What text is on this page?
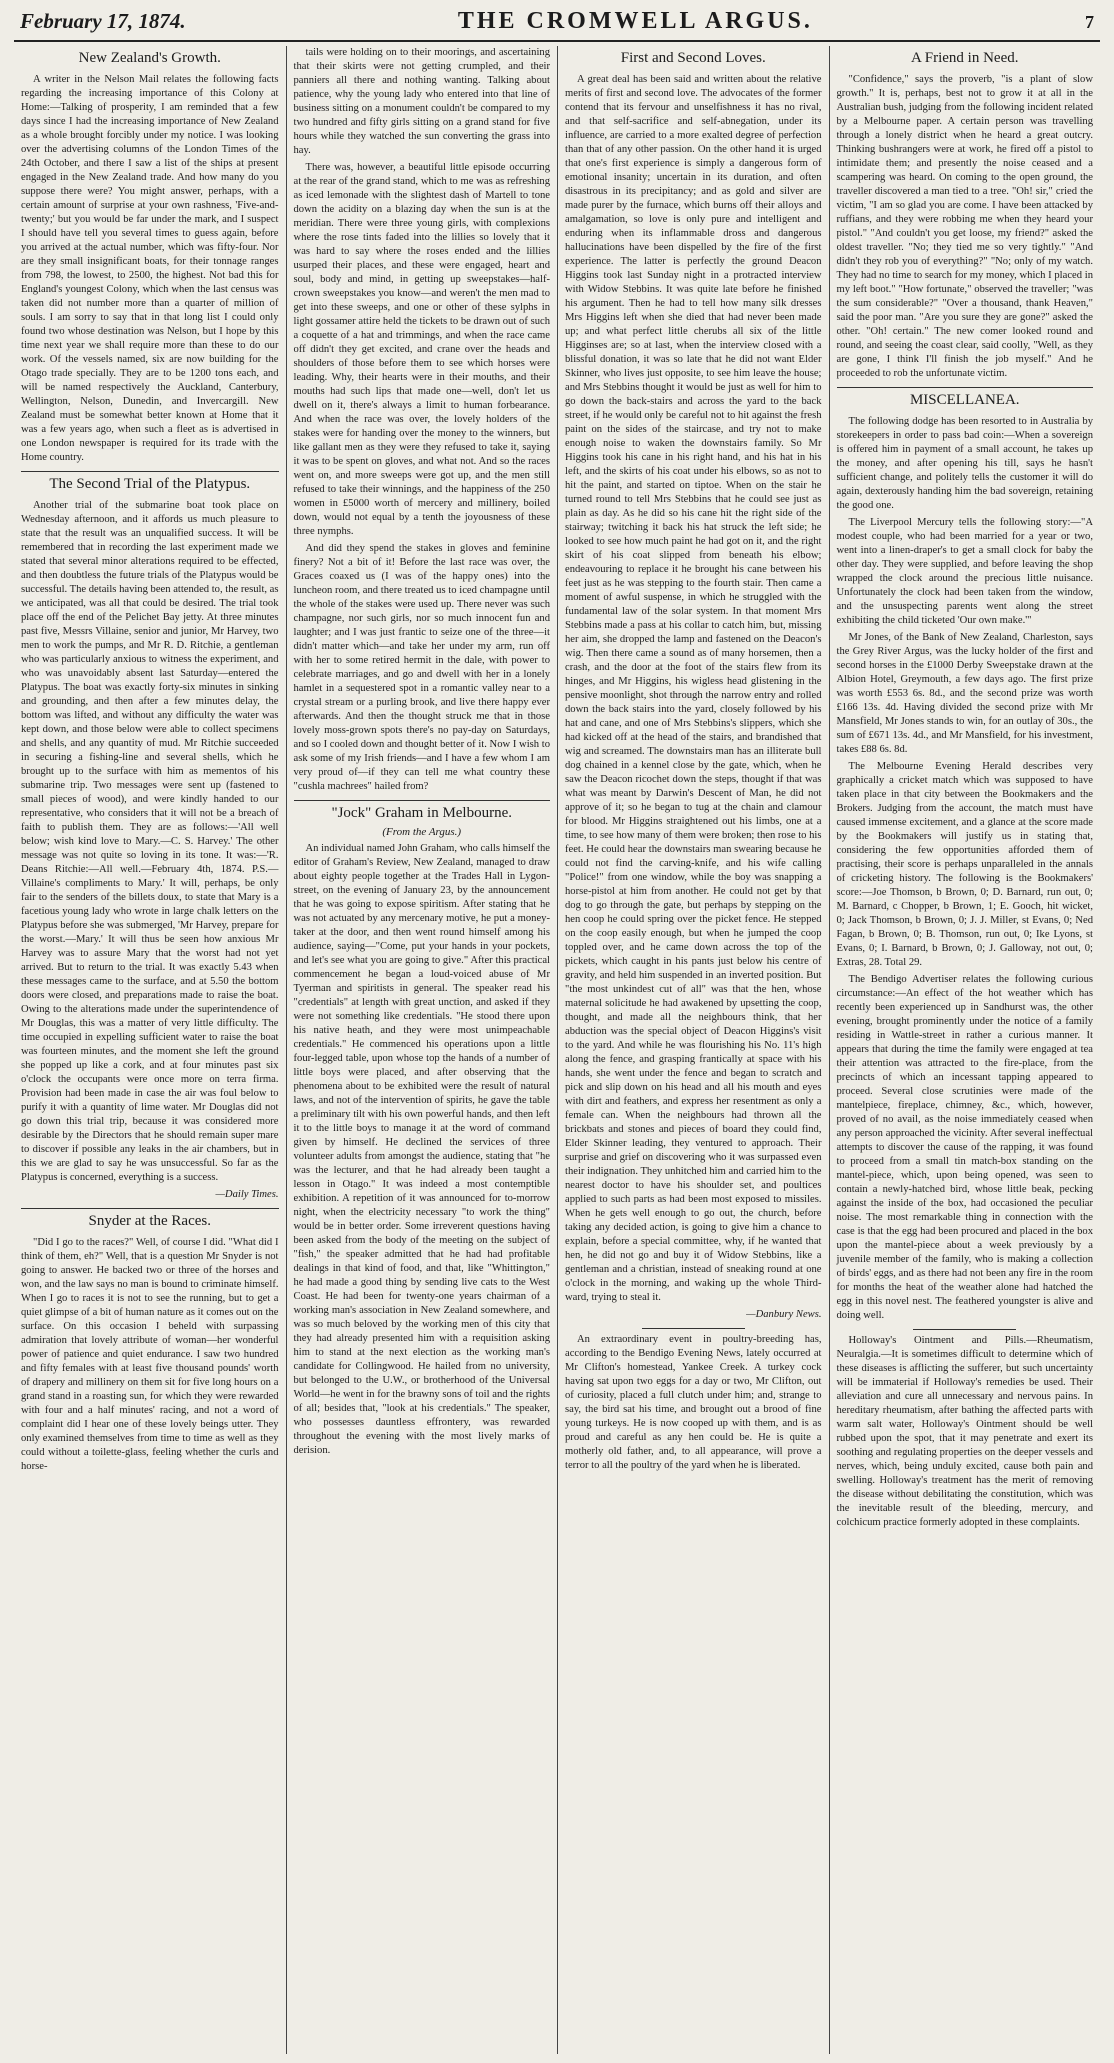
February 17, 1874.	THE CROMWELL ARGUS.	7
New Zealand's Growth.

A writer in the Nelson Mail relates the following facts regarding the increasing importance of this Colony at Home:—Talking of prosperity, I am reminded that a few days since I had the increasing importance of New Zealand as a whole brought forcibly under my notice. I was looking over the advertising columns of the London Times of the 24th October, and there I saw a list of the ships at present engaged in the New Zealand trade. And how many do you suppose there were? You might answer, perhaps, with a certain amount of surprise at your own rashness, 'Five-and-twenty;' but you would be far under the mark, and I suspect I should have tell you several times to guess again, before you arrived at the actual number, which was fifty-four. Nor are they small insignificant boats, for their tonnage ranges from 798, the lowest, to 2500, the highest. Not bad this for England's youngest Colony, which when the last census was taken did not number more than a quarter of million of souls. I am sorry to say that in that long list I could only found two whose destination was Nelson, but I hope by this time next year we shall require more than these to do our work. Of the vessels named, six are now building for the Otago trade specially. They are to be 1200 tons each, and will be named respectively the Auckland, Canterbury, Wellington, Nelson, Dunedin, and Invercargill. New Zealand must be somewhat better known at Home that it was a few years ago, when such a fleet as is advertised in one London newspaper is required for its trade with the Home country.

The Second Trial of the Platypus.

Another trial of the submarine boat took place on Wednesday afternoon, and it affords us much pleasure to state that the result was an unqualified success. It will be remembered that in recording the last experiment made we stated that several minor alterations required to be effected, and then doubtless the future trials of the Platypus would be successful. The details having been attended to, the result, as we anticipated, was all that could be desired. The trial took place off the end of the Pelichet Bay jetty. At three minutes past five, Messrs Villaine, senior and junior, Mr Harvey, two men to work the pumps, and Mr R. D. Ritchie, a gentleman who was particularly anxious to witness the experiment, and who was unavoidably absent last Saturday—entered the Platypus. The boat was exactly forty-six minutes in sinking and grounding, and then after a few minutes delay, the bottom was lifted, and without any difficulty the water was kept down, and those below were able to collect specimens and shells, and any quantity of mud. Mr Ritchie succeeded in securing a fishing-line and several shells, which he brought up to the surface with him as mementos of his submarine trip. Two messages were sent up (fastened to small pieces of wood), and were kindly handed to our representative, who considers that it will not be a breach of faith to publish them. They are as follows:—'All well below; wish kind love to Mary.—C. S. Harvey.' The other message was not quite so loving in its tone. It was:—'R. Deans Ritchie:—All well.—February 4th, 1874. P.S.—Villaine's compliments to Mary.' It will, perhaps, be only fair to the senders of the billets doux, to state that Mary is a facetious young lady who wrote in large chalk letters on the Platypus before she was submerged, 'Mr Harvey, prepare for the worst.—Mary.' It will thus be seen how anxious Mr Harvey was to assure Mary that the worst had not yet arrived. But to return to the trial. It was exactly 5.43 when these messages came to the surface, and at 5.50 the bottom doors were closed, and preparations made to raise the boat. Owing to the alterations made under the superintendence of Mr Douglas, this was a matter of very little difficulty. The time occupied in expelling sufficient water to raise the boat was fourteen minutes, and the moment she left the ground she popped up like a cork, and at four minutes past six o'clock the occupants were once more on terra firma. Provision had been made in case the air was foul below to purify it with a quantity of lime water. Mr Douglas did not go down this trial trip, because it was considered more desirable by the Directors that he should remain super mare to discover if possible any leaks in the air chambers, but in this we are glad to say he was unsuccessful. So far as the Platypus is concerned, everything is a success.

—Daily Times.

Snyder at the Races.

"Did I go to the races?" Well, of course I did. "What did I think of them, eh?" Well, that is a question Mr Snyder is not going to answer. He backed two or three of the horses and won, and the law says no man is bound to criminate himself. When I go to races it is not to see the running, but to get a quiet glimpse of a bit of human nature as it comes out on the surface. On this occasion I beheld with surpassing admiration that lovely attribute of woman—her wonderful power of patience and quiet endurance. I saw two hundred and fifty females with at least five thousand pounds' worth of drapery and millinery on them sit for five long hours on a grand stand in a roasting sun, for which they were rewarded with four and a half minutes' racing, and not a word of complaint did I hear one of these lovely beings utter. They only examined themselves from time to time as well as they could without a toilette-glass, feeling whether the curls and horse-

tails were holding on to their moorings, and ascertaining that their skirts were not getting crumpled, and their panniers all there and nothing wanting. Talking about patience, why the young lady who entered into that line of business sitting on a monument couldn't be compared to my two hundred and fifty girls sitting on a grand stand for five hours while they watched the sun converting the grass into hay.

There was, however, a beautiful little episode occurring at the rear of the grand stand, which to me was as refreshing as iced lemonade with the slightest dash of Martell to tone down the acidity on a blazing day when the sun is at the meridian. There were three young girls, with complexions where the rose tints faded into the lillies so lovely that it was hard to say where the roses ended and the lillies usurped their places, and these were engaged, heart and soul, body and mind, in getting up sweepstakes—half-crown sweepstakes you know—and weren't the men mad to get into these sweeps, and one or other of these sylphs in light gossamer attire held the tickets to be drawn out of such a coquette of a hat and trimmings, and when the race came off didn't they get excited, and crane over the heads and shoulders of those before them to see which horses were leading. Why, their hearts were in their mouths, and their mouths had such lips that made one—well, don't let us dwell on it, there's always a limit to human forbearance. And when the race was over, the lovely holders of the stakes were for handing over the money to the winners, but like gallant men as they were they refused to take it, saying it was to be spent on gloves, and what not. And so the races went on, and more sweeps were got up, and the men still refused to take their winnings, and the happiness of the 250 women in £5000 worth of mercery and millinery, boiled down, would not equal by a tenth the joyousness of these three nymphs.

And did they spend the stakes in gloves and feminine finery? Not a bit of it! Before the last race was over, the Graces coaxed us (I was of the happy ones) into the luncheon room, and there treated us to iced champagne until the whole of the stakes were used up. There never was such champagne, nor such girls, nor so much innocent fun and laughter; and I was just frantic to seize one of the three—it didn't matter which—and take her under my arm, run off with her to some retired hermit in the dale, with power to celebrate marriages, and go and dwell with her in a lonely hamlet in a sequestered spot in a romantic valley near to a crystal stream or a purling brook, and live there happy ever afterwards. And then the thought struck me that in those lovely moss-grown spots there's no pay-day on Saturdays, and so I cooled down and thought better of it. Now I wish to ask some of my Irish friends—and I have a few whom I am very proud of—if they can tell me what country these "cushla machrees" hailed from?

"Jock" Graham in Melbourne.
(From the Argus.)

An individual named John Graham, who calls himself the editor of Graham's Review, New Zealand, managed to draw about eighty people together at the Trades Hall in Lygon-street, on the evening of January 23, by the announcement that he was going to expose spiritism. After stating that he was not actuated by any mercenary motive, he put a money-taker at the door, and then went round himself among his audience, saying—"Come, put your hands in your pockets, and let's see what you are going to give." After this practical commencement he began a loud-voiced abuse of Mr Tyerman and spiritists in general. The speaker read his "credentials" at length with great unction, and asked if they were not something like credentials. "He stood there upon his native heath, and they were most unimpeachable credentials." He commenced his operations upon a little four-legged table, upon whose top the hands of a number of little boys were placed, and after observing that the phenomena about to be exhibited were the result of natural laws, and not of the intervention of spirits, he gave the table a preliminary tilt with his own powerful hands, and then left it to the little boys to manage it at the word of command given by himself. He declined the services of three volunteer adults from amongst the audience, stating that "he was the lecturer, and that he had already been taught a lesson in Otago." It was indeed a most contemptible exhibition. A repetition of it was announced for to-morrow night, when the electricity necessary "to work the thing" would be in better order. Some irreverent questions having been asked from the body of the meeting on the subject of "fish," the speaker admitted that he had had profitable dealings in that kind of food, and that, like "Whittington," he had made a good thing by sending live cats to the West Coast. He had been for twenty-one years chairman of a working man's association in New Zealand somewhere, and was so much beloved by the working men of this city that they had already presented him with a requisition asking him to stand at the next election as the working man's candidate for Collingwood. He hailed from no university, but belonged to the U.W., or brotherhood of the Universal World—he went in for the brawny sons of toil and the rights of all; besides that, "look at his credentials." The speaker, who possesses dauntless effrontery, was rewarded throughout the evening with the most lively marks of derision.

First and Second Loves.

A great deal has been said and written about the relative merits of first and second love. The advocates of the former contend that its fervour and unselfishness it has no rival, and that self-sacrifice and self-abnegation, under its influence, are carried to a more exalted degree of perfection than that of any other passion. On the other hand it is urged that one's first experience is simply a dangerous form of emotional insanity; uncertain in its duration, and often disastrous in its precipitancy; and as gold and silver are made purer by the furnace, which burns off their alloys and amalgamation, so love is only pure and intelligent and enduring when its inflammable dross and dangerous hallucinations have been dispelled by the fire of the first experience. The latter is perfectly the ground Deacon Higgins took last Sunday night in a protracted interview with Widow Stebbins. It was quite late before he finished his argument. Then he had to tell how many silk dresses Mrs Higgins left when she died that had never been made up; and what perfect little cherubs all six of the little Higginses are; so at last, when the interview closed with a blissful donation, it was so late that he did not want Elder Skinner, who lives just opposite, to see him leave the house; and Mrs Stebbins thought it would be just as well for him to go down the back-stairs and across the yard to the back street, if he would only be careful not to hit against the fresh paint on the sides of the staircase, and try not to make enough noise to waken the downstairs family. So Mr Higgins took his cane in his right hand, and his hat in his left, and the skirts of his coat under his elbows, so as not to hit the paint, and started on tiptoe. When on the stair he turned round to tell Mrs Stebbins that he could see just as plain as day. As he did so his cane hit the right side of the stairway; twitching it back his hat struck the left side; he looked to see how much paint he had got on it, and the right skirt of his coat slipped from beneath his elbow; endeavouring to replace it he brought his cane between his feet just as he was stepping to the fourth stair. Then came a moment of awful suspense, in which he struggled with the fundamental law of the solar system. In that moment Mrs Stebbins made a pass at his collar to catch him, but, missing her aim, she dropped the lamp and fastened on the Deacon's wig. Then there came a sound as of many horsemen, then a crash, and the door at the foot of the stairs flew from its hinges, and Mr Higgins, his wigless head glistening in the pensive moonlight, shot through the narrow entry and rolled down the back stairs into the yard, closely followed by his hat and cane, and one of Mrs Stebbins's slippers, which she had kicked off at the head of the stairs, and brandished that wig and screamed. The downstairs man has an illiterate bull dog chained in a kennel close by the gate, which, when he saw the Deacon ricochet down the steps, thought if that was what was meant by Darwin's Descent of Man, he did not approve of it; so he began to tug at the chain and clamour for blood. Mr Higgins straightened out his limbs, one at a time, to see how many of them were broken; then rose to his feet. He could hear the downstairs man swearing because he could not find the carving-knife, and his wife calling "Police!" from one window, while the boy was snapping a horse-pistol at him from another. He could not get by that dog to go through the gate, but perhaps by stepping on the hen coop he could spring over the picket fence. He stepped on the coop easily enough, but when he jumped the coop toppled over, and he came down across the top of the pickets, which caught in his pants just below his centre of gravity, and held him suspended in an inverted position. But "the most unkindest cut of all" was that the hen, whose maternal solicitude he had awakened by upsetting the coop, thought, and made all the neighbours think, that her abduction was the special object of Deacon Higgins's visit to the yard. And while he was flourishing his No. 11's high along the fence, and grasping frantically at space with his hands, she went under the fence and began to scratch and pick and slip down on his head and all his mouth and eyes with dirt and feathers, and express her resentment as only a female can. When the neighbours had thrown all the brickbats and stones and pieces of board they could find, Elder Skinner leading, they ventured to approach. Their surprise and grief on discovering who it was surpassed even their indignation. They unhitched him and carried him to the nearest doctor to have his shoulder set, and poultices applied to such parts as had been most exposed to missiles. When he gets well enough to go out, the church, before taking any decided action, is going to give him a chance to explain, before a special committee, why, if he wanted that hen, he did not go and buy it of Widow Stebbins, like a gentleman and a christian, instead of sneaking round at one o'clock in the morning, and waking up the whole Third-ward, trying to steal it.

—Danbury News.

An extraordinary event in poultry-breeding has, according to the Bendigo Evening News, lately occurred at Mr Clifton's homestead, Yankee Creek. A turkey cock having sat upon two eggs for a day or two, Mr Clifton, out of curiosity, placed a full clutch under him; and, strange to say, the bird sat his time, and brought out a brood of fine young turkeys. He is now cooped up with them, and is as proud and careful as any hen could be. He is quite a motherly old father, and, to all appearance, will prove a terror to all the poultry of the yard when he is liberated.

A Friend in Need.

"Confidence," says the proverb, "is a plant of slow growth." It is, perhaps, best not to grow it at all in the Australian bush, judging from the following incident related by a Melbourne paper. A certain person was travelling through a lonely district when he heard a great outcry. Thinking bushrangers were at work, he fired off a pistol to intimidate them; and presently the noise ceased and a scampering was heard. On coming to the open ground, the traveller discovered a man tied to a tree. "Oh! sir," cried the victim, "I am so glad you are come. I have been attacked by ruffians, and they were robbing me when they heard your pistol." "And couldn't you get loose, my friend?" asked the oldest traveller. "No; they tied me so very tightly." "And didn't they rob you of everything?" "No; only of my watch. They had no time to search for my money, which I placed in my left boot." "How fortunate," observed the traveller; "was the sum considerable?" "Over a thousand, thank Heaven," said the poor man. "Are you sure they are gone?" asked the other. "Oh! certain." The new comer looked round and round, and seeing the coast clear, said coolly, "Well, as they are gone, I think I'll finish the job myself." And he proceeded to rob the unfortunate victim.

MISCELLANEA.

The following dodge has been resorted to in Australia by storekeepers in order to pass bad coin:—When a sovereign is offered him in payment of a small account, he takes up the money, and after opening his till, says he hasn't sufficient change, and politely tells the customer it will do again, dexterously handing him the bad sovereign, retaining the good one.

The Liverpool Mercury tells the following story:—"A modest couple, who had been married for a year or two, went into a linen-draper's to get a small clock for baby the other day. They were supplied, and before leaving the shop wrapped the clock around the precious little nuisance. Unfortunately the clock had been taken from the window, and the unsuspecting parents went along the street exhibiting the child ticketed 'Our own make.'"

Mr Jones, of the Bank of New Zealand, Charleston, says the Grey River Argus, was the lucky holder of the first and second horses in the £1000 Derby Sweepstake drawn at the Albion Hotel, Greymouth, a few days ago. The first prize was worth £553 6s. 8d., and the second prize was worth £166 13s. 4d. Having divided the second prize with Mr Mansfield, Mr Jones stands to win, for an outlay of 30s., the sum of £671 13s. 4d., and Mr Mansfield, for his investment, takes £88 6s. 8d.

The Melbourne Evening Herald describes very graphically a cricket match which was supposed to have taken place in that city between the Bookmakers and the Brokers. Judging from the account, the match must have caused immense excitement, and a glance at the score made by the Bookmakers will justify us in stating that, considering the few opportunities afforded them of practising, their score is perhaps unparalleled in the annals of cricketing history. The following is the Bookmakers' score:—Joe Thomson, b Brown, 0; D. Barnard, run out, 0; M. Barnard, c Chopper, b Brown, 1; E. Gooch, hit wicket, 0; Jack Thomson, b Brown, 0; J. J. Miller, st Evans, 0; Ned Fagan, b Brown, 0; B. Thomson, run out, 0; Ike Lyons, st Evans, 0; I. Barnard, b Brown, 0; J. Galloway, not out, 0; Extras, 28. Total 29.

The Bendigo Advertiser relates the following curious circumstance:—An effect of the hot weather which has recently been experienced up in Sandhurst was, the other evening, brought prominently under the notice of a family residing in Wattle-street in rather a curious manner. It appears that during the time the family were engaged at tea their attention was attracted to the fire-place, from the precincts of which an incessant tapping appeared to proceed. Several close scrutinies were made of the mantelpiece, fireplace, chimney, &c., which, however, proved of no avail, as the noise immediately ceased when any person approached the vicinity. After several ineffectual attempts to discover the cause of the rapping, it was found to proceed from a small tin match-box standing on the mantel-piece, which, upon being opened, was seen to contain a newly-hatched bird, whose little beak, pecking against the inside of the box, had occasioned the peculiar noise. The most remarkable thing in connection with the case is that the egg had been procured and placed in the box upon the mantel-piece about a week previously by a juvenile member of the family, who is making a collection of birds' eggs, and as there had not been any fire in the room for months the heat of the weather alone had hatched the egg in this novel nest. The feathered youngster is alive and doing well.

Holloway's Ointment and Pills.—Rheumatism, Neuralgia.—It is sometimes difficult to determine which of these diseases is afflicting the sufferer, but such uncertainty will be immaterial if Holloway's remedies be used. Their alleviation and cure all unnecessary and nervous pains. In hereditary rheumatism, after bathing the affected parts with warm salt water, Holloway's Ointment should be well rubbed upon the spot, that it may penetrate and exert its soothing and regulating properties on the deeper vessels and nerves, which, being unduly excited, cause both pain and swelling. Holloway's treatment has the merit of removing the disease without debilitating the constitution, which was the inevitable result of the bleeding, mercury, and colchicum practice formerly adopted in these complaints.
